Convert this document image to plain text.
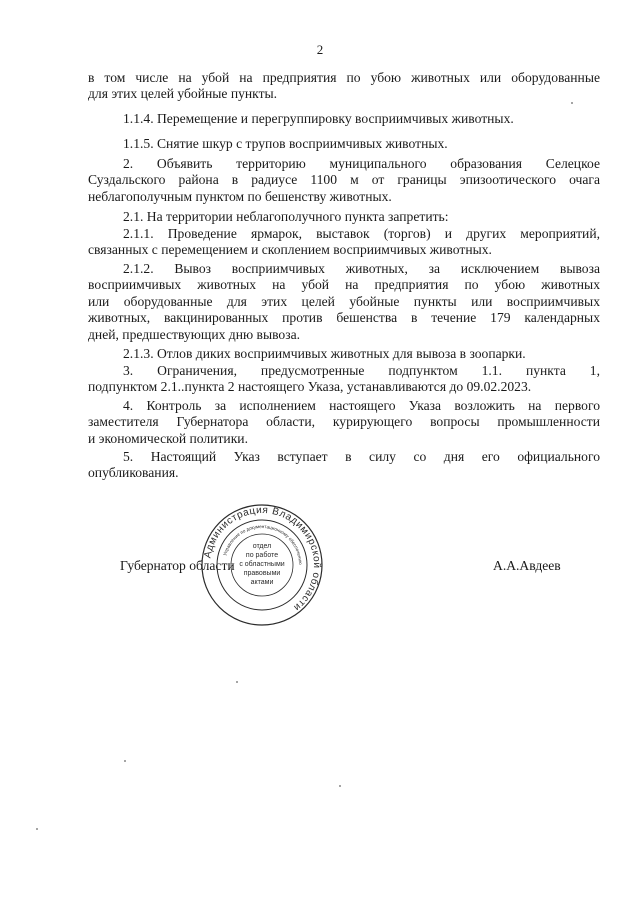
2
в том числе на убой на предприятия по убою животных или оборудованные
для этих целей убойные пункты.
1.1.4. Перемещение и перегруппировку восприимчивых животных.
1.1.5. Снятие шкур с трупов восприимчивых животных.
2. Объявить территорию муниципального образования Селецкое
Суздальского района в радиусе 1100 м от границы эпизоотического очага
неблагополучным пунктом по бешенству животных.
2.1. На территории неблагополучного пункта запретить:
2.1.1. Проведение ярмарок, выставок (торгов) и других мероприятий,
связанных с перемещением и скоплением восприимчивых животных.
2.1.2. Вывоз восприимчивых животных, за исключением вывоза
восприимчивых животных на убой на предприятия по убою животных
или оборудованные для этих целей убойные пункты или восприимчивых
животных, вакцинированных против бешенства в течение 179 календарных
дней, предшествующих дню вывоза.
2.1.3. Отлов диких восприимчивых животных для вывоза в зоопарки.
3. Ограничения, предусмотренные подпунктом 1.1. пункта 1,
подпунктом 2.1..пункта 2 настоящего Указа, устанавливаются до 09.02.2023.
4. Контроль за исполнением настоящего Указа возложить на первого
заместителя Губернатора области, курирующего вопросы промышленности
и экономической политики.
5. Настоящий Указ вступает в силу со дня его официального
опубликования.
Губернатор области	А.А.Авдеев
Администрация Владимирской области
Управление по документационному обеспечению
отдел
по работе
с областными
правовыми
актами
